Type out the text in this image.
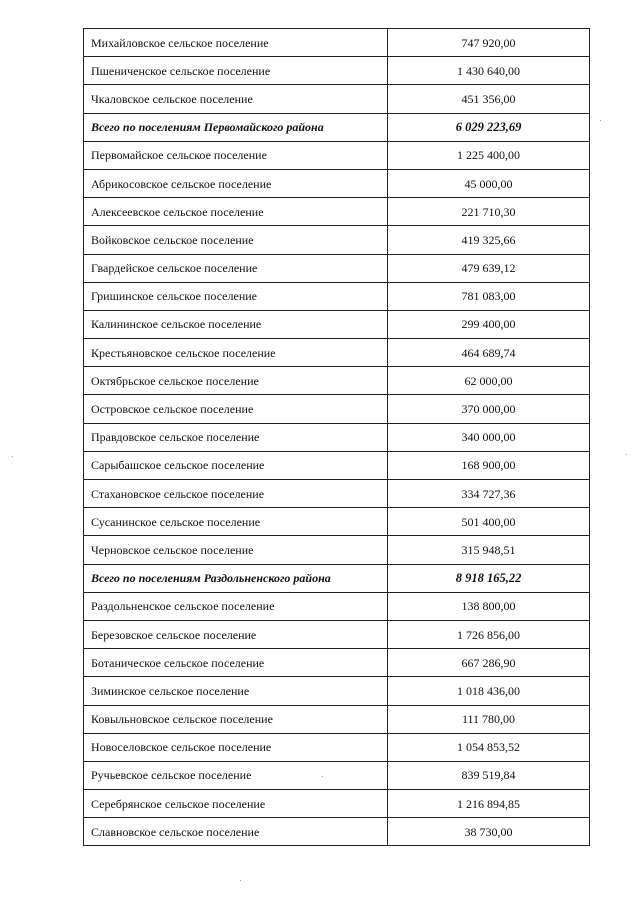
Михайловское сельское поселение	747 920,00
Пшениченское сельское поселение	1 430 640,00
Чкаловское сельское поселение	451 356,00
Всего по поселениям Первомайского района	6 029 223,69
Первомайское сельское поселение	1 225 400,00
Абрикосовское сельское поселение	45 000,00
Алексеевское сельское поселение	221 710,30
Войковское сельское поселение	419 325,66
Гвардейское сельское поселение	479 639,12
Гришинское сельское поселение	781 083,00
Калининское сельское поселение	299 400,00
Крестьяновское сельское поселение	464 689,74
Октябрьское сельское поселение	62 000,00
Островское сельское поселение	370 000,00
Правдовское сельское поселение	340 000,00
Сарыбашское сельское поселение	168 900,00
Стахановское сельское поселение	334 727,36
Сусанинское сельское поселение	501 400,00
Черновское сельское поселение	315 948,51
Всего по поселениям Раздольненского района	8 918 165,22
Раздольненское сельское поселение	138 800,00
Березовское сельское поселение	1 726 856,00
Ботаническое сельское поселение	667 286,90
Зиминское сельское поселение	1 018 436,00
Ковыльновское сельское поселение	111 780,00
Новоселовское сельское поселение	1 054 853,52
Ручьевское сельское поселение	839 519,84
Серебрянское сельское поселение	1 216 894,85
Славновское сельское поселение	38 730,00
